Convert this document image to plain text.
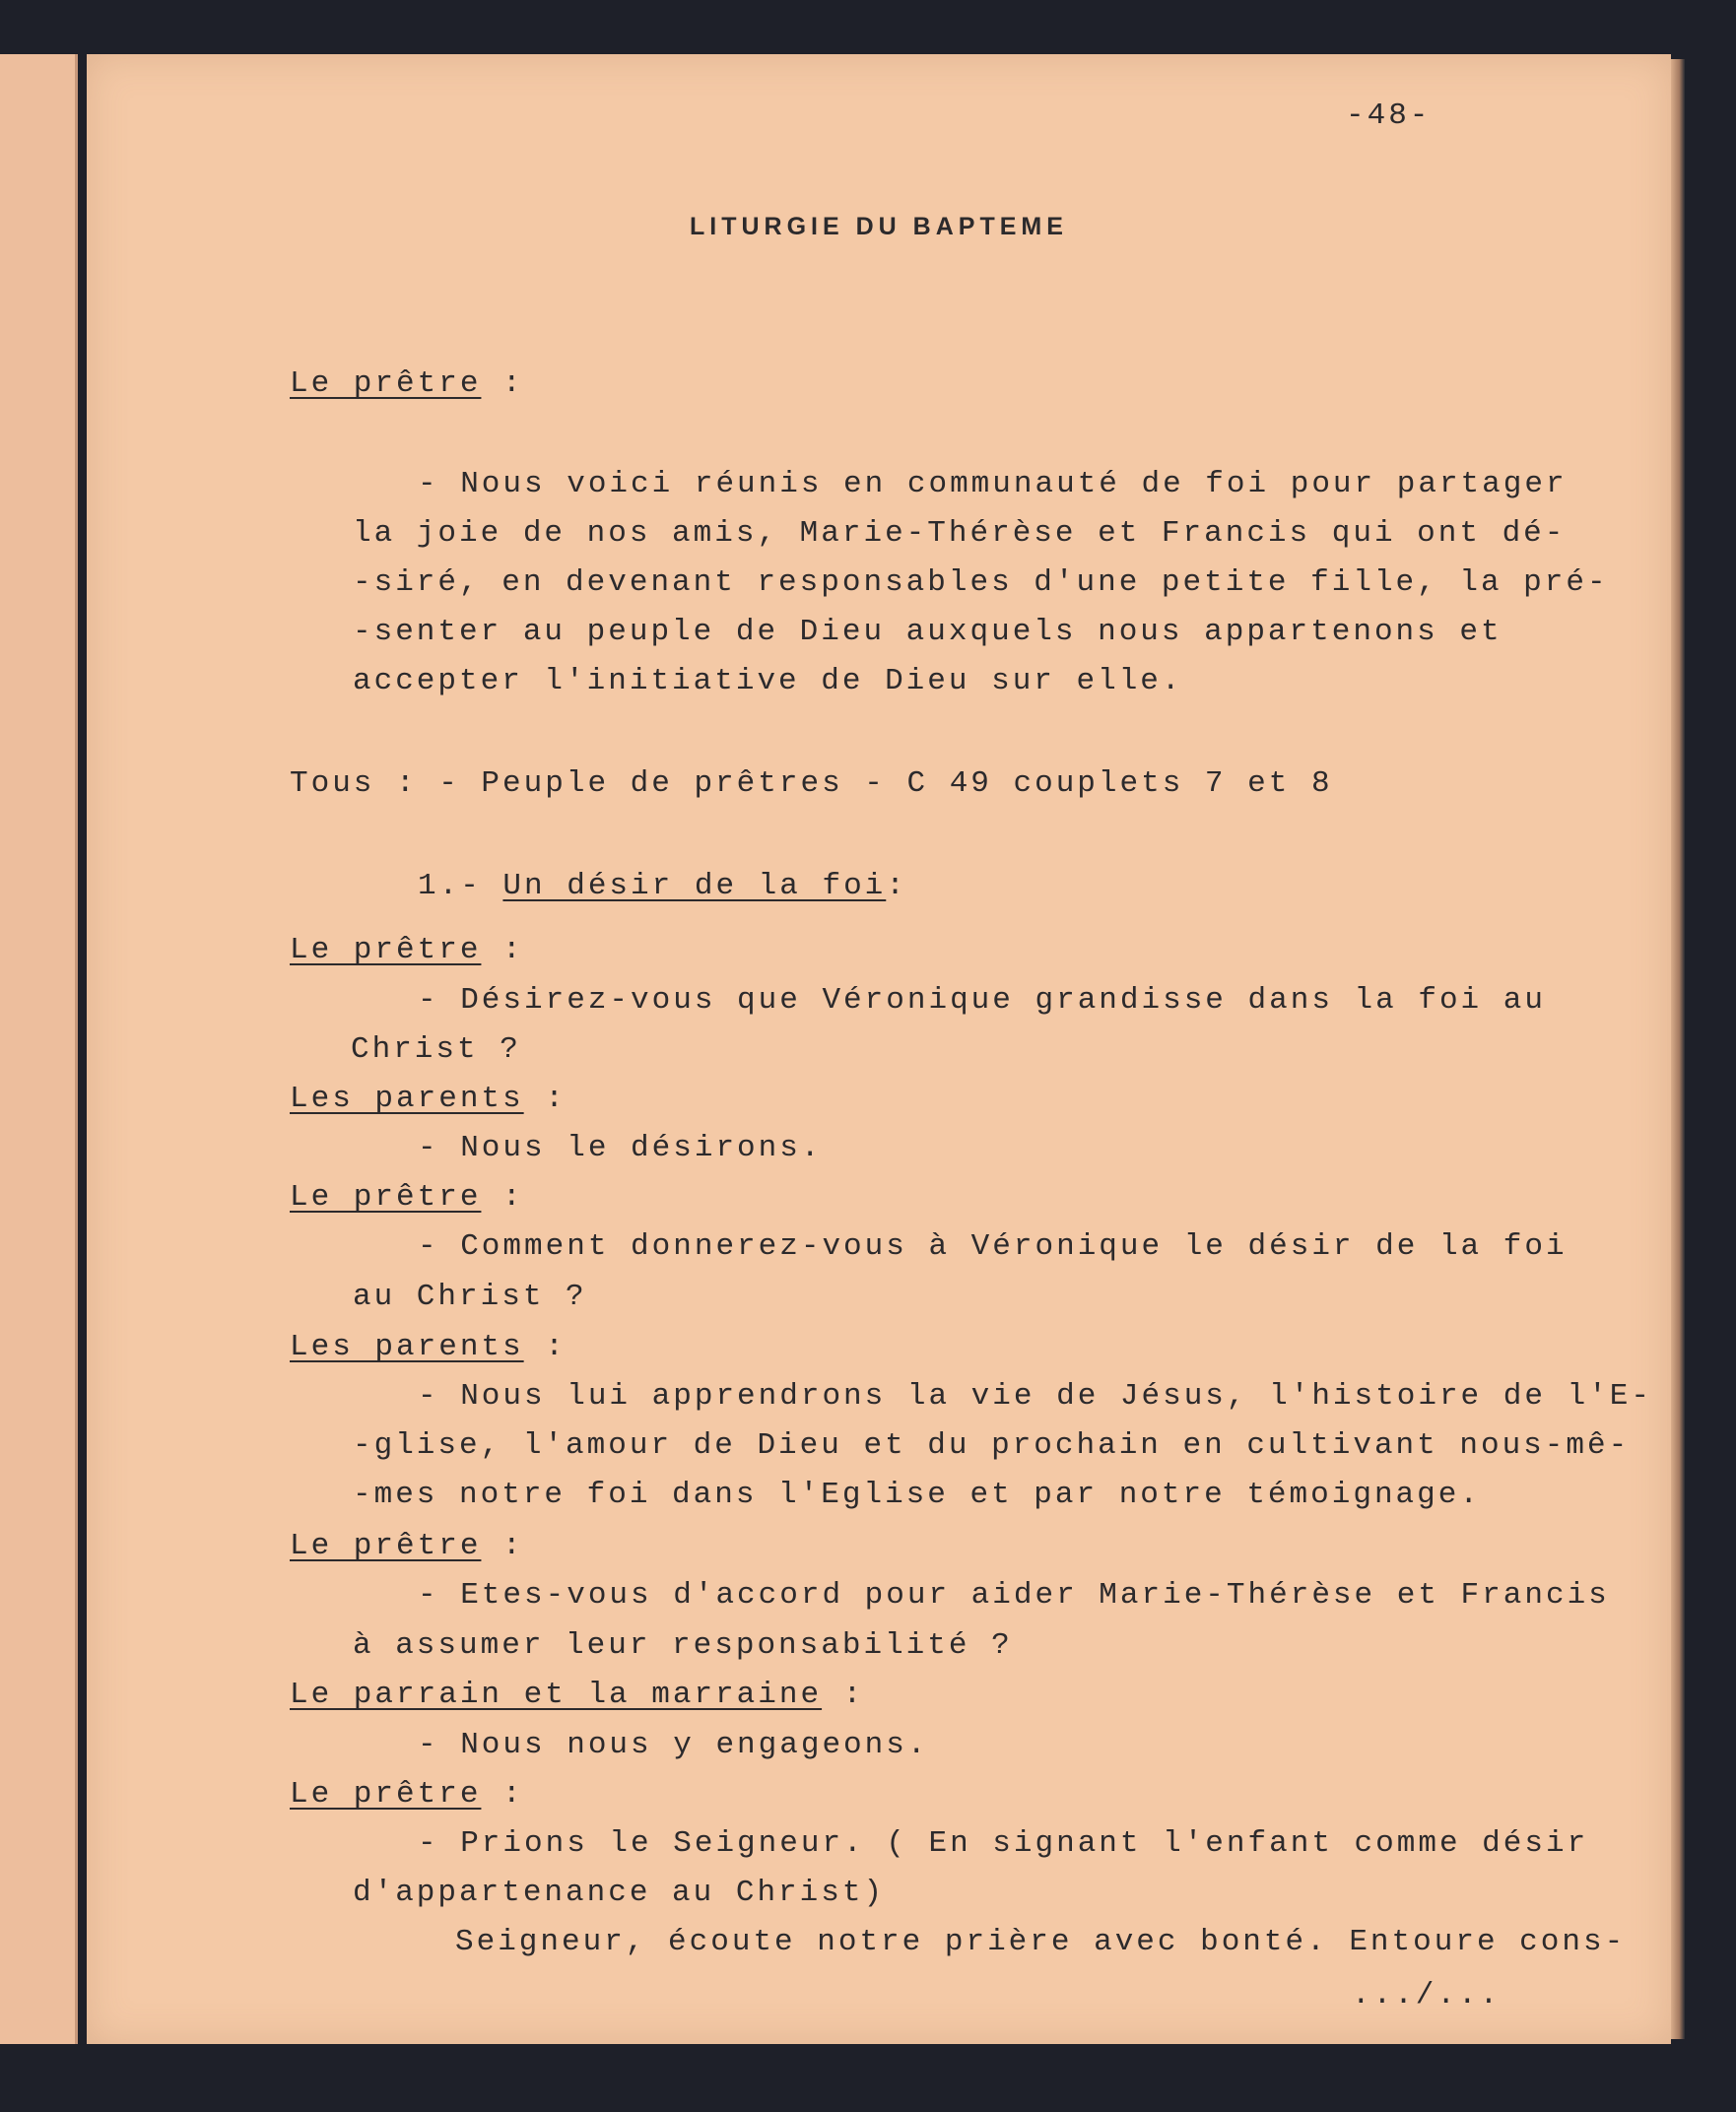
-48-
LITURGIE DU BAPTEME
Le prêtre :
- Nous voici réunis en communauté de foi pour partager
la joie de nos amis, Marie-Thérèse et Francis qui ont dé-
-siré, en devenant responsables d'une petite fille, la pré-
-senter au peuple de Dieu auxquels nous appartenons et
accepter l'initiative de Dieu sur elle.
Tous : - Peuple de prêtres - C 49 couplets 7 et 8
1.- Un désir de la foi:
Le prêtre :
- Désirez-vous que Véronique grandisse dans la foi au
Christ ?
Les parents :
- Nous le désirons.
Le prêtre :
- Comment donnerez-vous à Véronique le désir de la foi
au Christ ?
Les parents :
- Nous lui apprendrons la vie de Jésus, l'histoire de l'E-
-glise, l'amour de Dieu et du prochain en cultivant nous-mê-
-mes notre foi dans l'Eglise et par notre témoignage.
Le prêtre :
- Etes-vous d'accord pour aider Marie-Thérèse et Francis
à assumer leur responsabilité ?
Le parrain et la marraine :
- Nous nous y engageons.
Le prêtre :
- Prions le Seigneur. ( En signant l'enfant comme désir
d'appartenance au Christ)
Seigneur, écoute notre prière avec bonté. Entoure cons-
.../...
